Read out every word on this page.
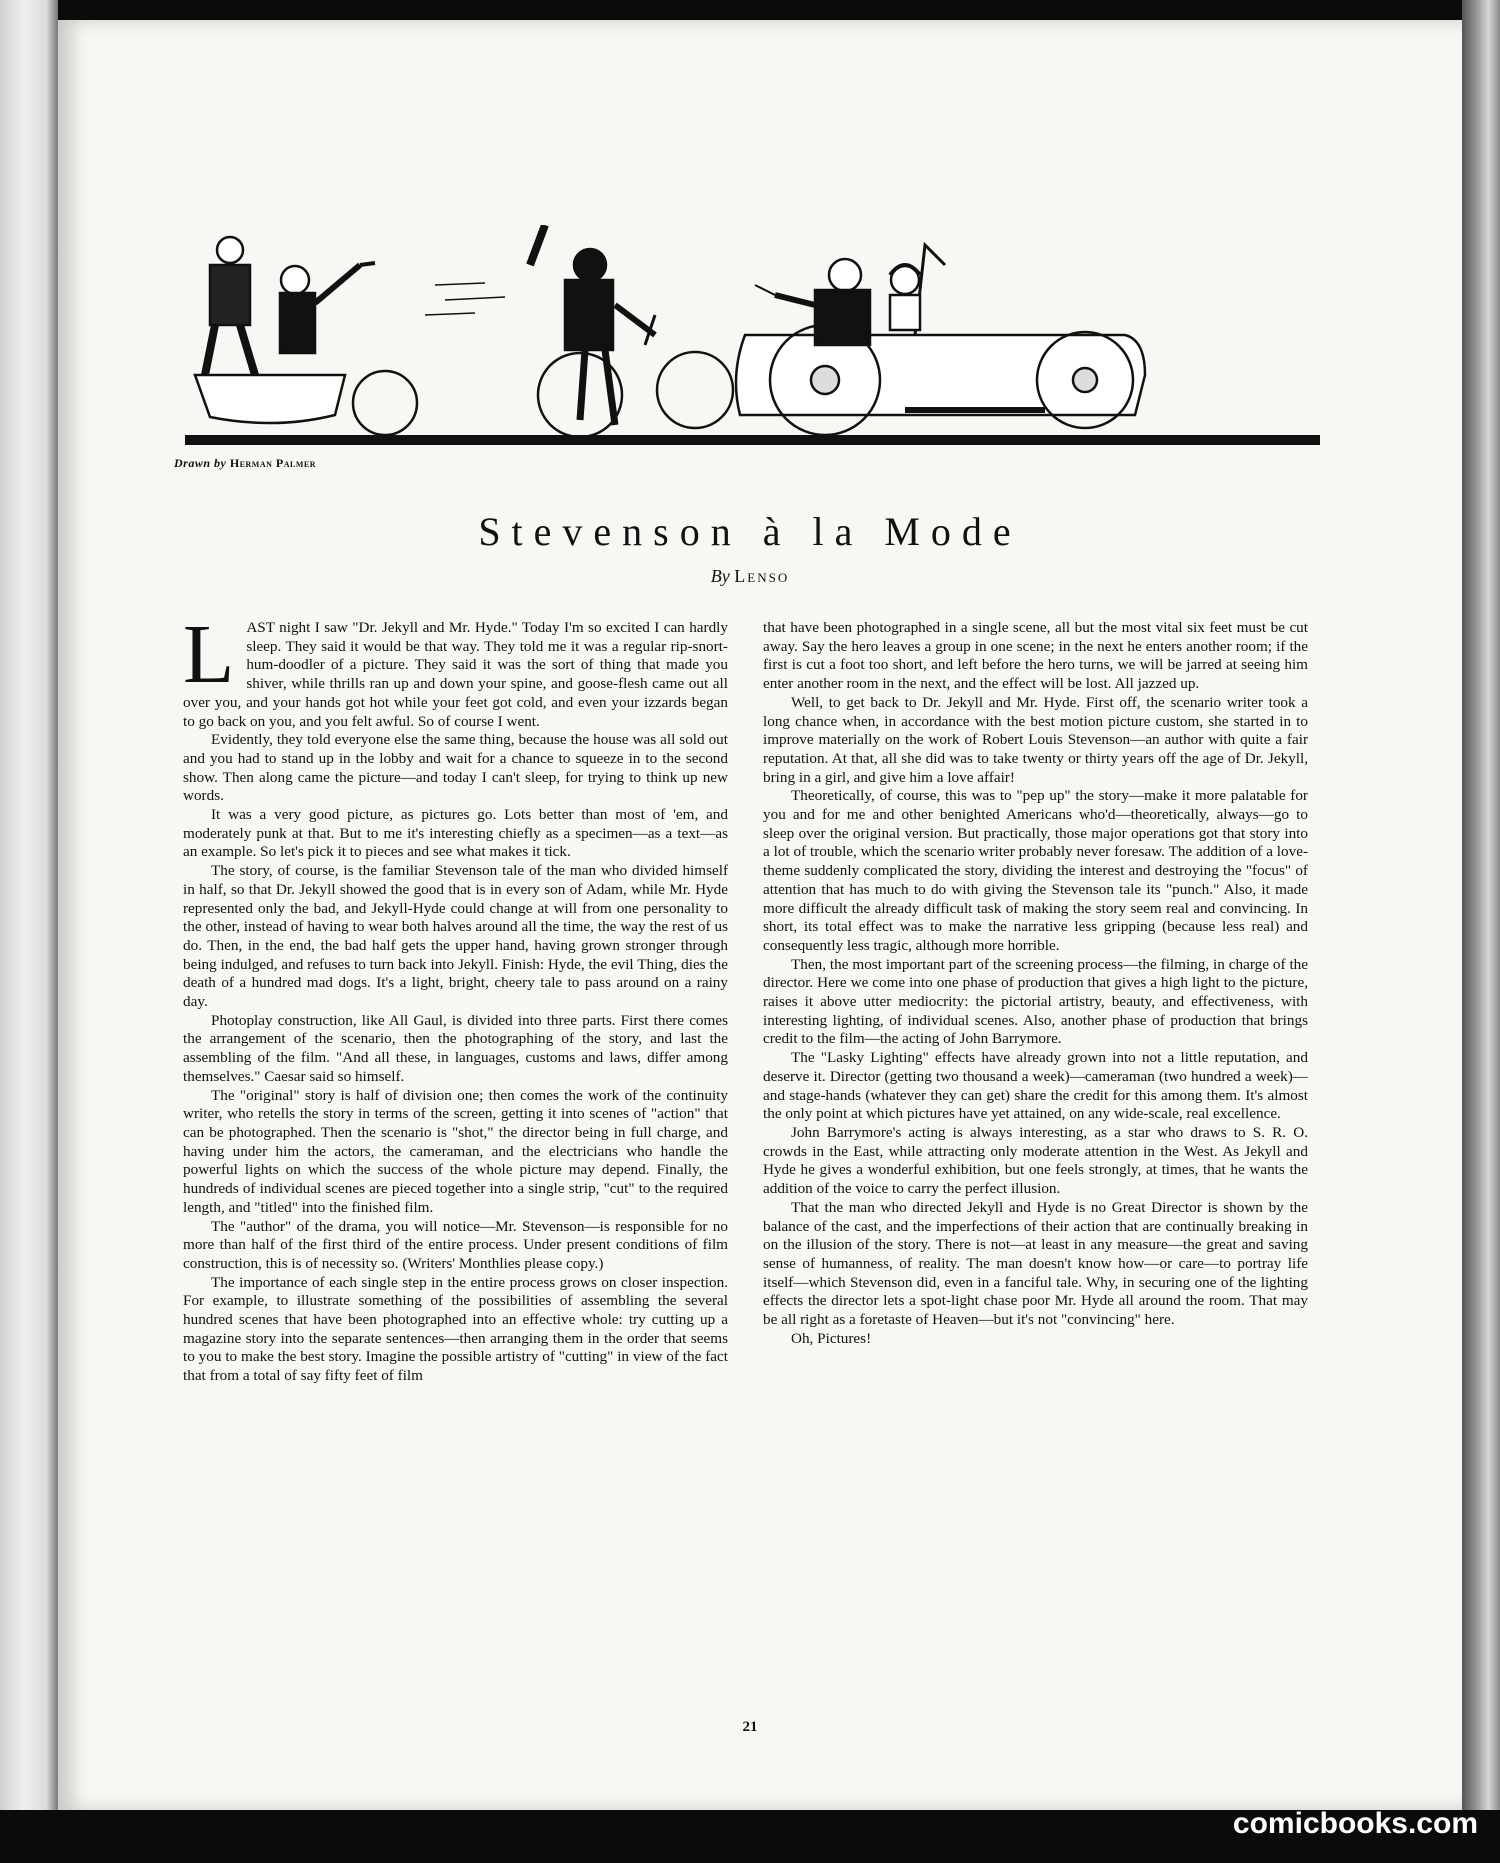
Drawn by Herman Palmer
Stevenson à la Mode
By Lenso

LAST night I saw "Dr. Jekyll and Mr. Hyde." Today I'm so excited I can hardly sleep. They said it would be that way. They told me it was a regular rip-snort-hum-doodler of a picture. They said it was the sort of thing that made you shiver, while thrills ran up and down your spine, and goose-flesh came out all over you, and your hands got hot while your feet got cold, and even your izzards began to go back on you, and you felt awful. So of course I went.

Evidently, they told everyone else the same thing, because the house was all sold out and you had to stand up in the lobby and wait for a chance to squeeze in to the second show. Then along came the picture—and today I can't sleep, for trying to think up new words.

It was a very good picture, as pictures go. Lots better than most of 'em, and moderately punk at that. But to me it's interesting chiefly as a specimen—as a text—as an example. So let's pick it to pieces and see what makes it tick.

The story, of course, is the familiar Stevenson tale of the man who divided himself in half, so that Dr. Jekyll showed the good that is in every son of Adam, while Mr. Hyde represented only the bad, and Jekyll-Hyde could change at will from one personality to the other, instead of having to wear both halves around all the time, the way the rest of us do. Then, in the end, the bad half gets the upper hand, having grown stronger through being indulged, and refuses to turn back into Jekyll. Finish: Hyde, the evil Thing, dies the death of a hundred mad dogs. It's a light, bright, cheery tale to pass around on a rainy day.

Photoplay construction, like All Gaul, is divided into three parts. First there comes the arrangement of the scenario, then the photographing of the story, and last the assembling of the film. "And all these, in languages, customs and laws, differ among themselves." Caesar said so himself.

The "original" story is half of division one; then comes the work of the continuity writer, who retells the story in terms of the screen, getting it into scenes of "action" that can be photographed. Then the scenario is "shot," the director being in full charge, and having under him the actors, the cameraman, and the electricians who handle the powerful lights on which the success of the whole picture may depend. Finally, the hundreds of individual scenes are pieced together into a single strip, "cut" to the required length, and "titled" into the finished film.

The "author" of the drama, you will notice—Mr. Stevenson—is responsible for no more than half of the first third of the entire process. Under present conditions of film construction, this is of necessity so. (Writers' Monthlies please copy.)

The importance of each single step in the entire process grows on closer inspection. For example, to illustrate something of the possibilities of assembling the several hundred scenes that have been photographed into an effective whole: try cutting up a magazine story into the separate sentences—then arranging them in the order that seems to you to make the best story. Imagine the possible artistry of "cutting" in view of the fact that from a total of say fifty feet of film

that have been photographed in a single scene, all but the most vital six feet must be cut away. Say the hero leaves a group in one scene; in the next he enters another room; if the first is cut a foot too short, and left before the hero turns, we will be jarred at seeing him enter another room in the next, and the effect will be lost. All jazzed up.

Well, to get back to Dr. Jekyll and Mr. Hyde. First off, the scenario writer took a long chance when, in accordance with the best motion picture custom, she started in to improve materially on the work of Robert Louis Stevenson—an author with quite a fair reputation. At that, all she did was to take twenty or thirty years off the age of Dr. Jekyll, bring in a girl, and give him a love affair!

Theoretically, of course, this was to "pep up" the story—make it more palatable for you and for me and other benighted Americans who'd—theoretically, always—go to sleep over the original version. But practically, those major operations got that story into a lot of trouble, which the scenario writer probably never foresaw. The addition of a love-theme suddenly complicated the story, dividing the interest and destroying the "focus" of attention that has much to do with giving the Stevenson tale its "punch." Also, it made more difficult the already difficult task of making the story seem real and convincing. In short, its total effect was to make the narrative less gripping (because less real) and consequently less tragic, although more horrible.

Then, the most important part of the screening process—the filming, in charge of the director. Here we come into one phase of production that gives a high light to the picture, raises it above utter mediocrity: the pictorial artistry, beauty, and effectiveness, with interesting lighting, of individual scenes. Also, another phase of production that brings credit to the film—the acting of John Barrymore.

The "Lasky Lighting" effects have already grown into not a little reputation, and deserve it. Director (getting two thousand a week)—cameraman (two hundred a week)—and stage-hands (whatever they can get) share the credit for this among them. It's almost the only point at which pictures have yet attained, on any wide-scale, real excellence.

John Barrymore's acting is always interesting, as a star who draws to S. R. O. crowds in the East, while attracting only moderate attention in the West. As Jekyll and Hyde he gives a wonderful exhibition, but one feels strongly, at times, that he wants the addition of the voice to carry the perfect illusion.

That the man who directed Jekyll and Hyde is no Great Director is shown by the balance of the cast, and the imperfections of their action that are continually breaking in on the illusion of the story. There is not—at least in any measure—the great and saving sense of humanness, of reality. The man doesn't know how—or care—to portray life itself—which Stevenson did, even in a fanciful tale. Why, in securing one of the lighting effects the director lets a spot-light chase poor Mr. Hyde all around the room. That may be all right as a foretaste of Heaven—but it's not "convincing" here.

Oh, Pictures!

21
comicbooks.com
